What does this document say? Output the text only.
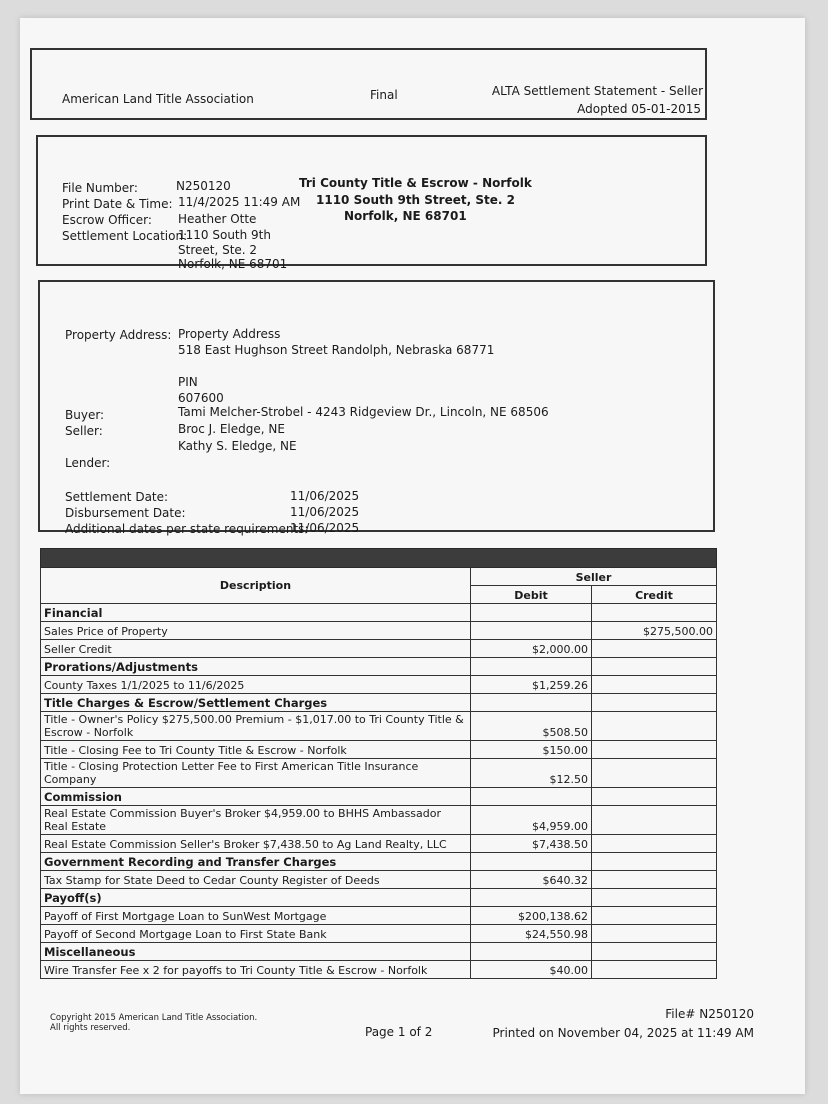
American Land Title Association	Final	ALTA Settlement Statement - Seller
Adopted 05-01-2015
File Number:	N250120
Print Date & Time: 11/4/2025 11:49 AM
Escrow Officer: Heather Otte
Settlement Location:
1110 South 9th
Street, Ste. 2
Norfolk, NE 68701
Tri County Title & Escrow - Norfolk
1110 South 9th Street, Ste. 2
Norfolk, NE 68701
Property Address: Property Address
518 East Hughson Street Randolph, Nebraska 68771
PIN
607600
Buyer:	Tami Melcher-Strobel - 4243 Ridgeview Dr., Lincoln, NE 68506
Seller:	Broc J. Eledge, NE
Kathy S. Eledge, NE
Lender:
Settlement Date:	11/06/2025
Disbursement Date:	11/06/2025
Additional dates per state requirements:
11/06/2025

Description	Seller	
	Debit	Credit
Financial		
Sales Price of Property		$275,500.00
Seller Credit	$2,000.00	
Prorations/Adjustments		
County Taxes 1/1/2025 to 11/6/2025	$1,259.26	
Title Charges & Escrow/Settlement Charges		
Title - Owner's Policy $275,500.00 Premium - $1,017.00 to Tri County Title & Escrow - Norfolk	$508.50	
Title - Closing Fee to Tri County Title & Escrow - Norfolk	$150.00	
Title - Closing Protection Letter Fee to First American Title Insurance Company	$12.50	
Commission		
Real Estate Commission Buyer's Broker $4,959.00 to BHHS Ambassador Real Estate	$4,959.00	
Real Estate Commission Seller's Broker $7,438.50 to Ag Land Realty, LLC	$7,438.50	
Government Recording and Transfer Charges		
Tax Stamp for State Deed to Cedar County Register of Deeds	$640.32	
Payoff(s)		
Payoff of First Mortgage Loan to SunWest Mortgage	$200,138.62	
Payoff of Second Mortgage Loan to First State Bank	$24,550.98	
Miscellaneous		
Wire Transfer Fee x 2 for payoffs to Tri County Title & Escrow - Norfolk	$40.00	
Copyright 2015 American Land Title Association.
All rights reserved.	Page 1 of 2
File# N250120
Printed on November 04, 2025 at 11:49 AM
